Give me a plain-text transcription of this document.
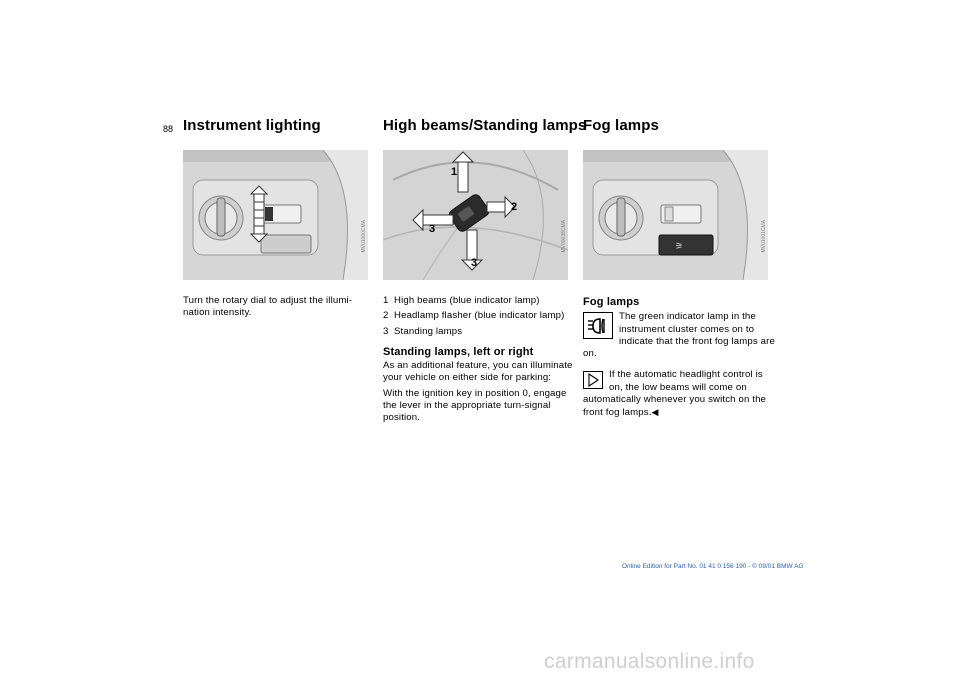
88 Instrument lighting	High beams/Standing lamps
Fog lamps
MV01000CMA
1
2
3
3
MV00038CMA	⚞	MV01001CMA

Turn the rotary dial to adjust the illumi-
nation intensity.

1 High beams (blue indicator lamp)
2 Headlamp flasher (blue indicator lamp)
3 Standing lamps
Standing lamps, left or right

As an additional feature, you can illuminate your vehicle on either side for parking:

With the ignition key in position 0, engage the lever in the appropriate turn-signal position.

Fog lamps

The green indicator lamp in the instrument cluster comes on to indicate that the front fog lamps are on.

If the automatic headlight control is on, the low beams will come on automatically whenever you switch on the front fog lamps.◀

Online Edition for Part No. 01 41 0 156 190 - © 09/01 BMW AG
carmanualsonline.info
